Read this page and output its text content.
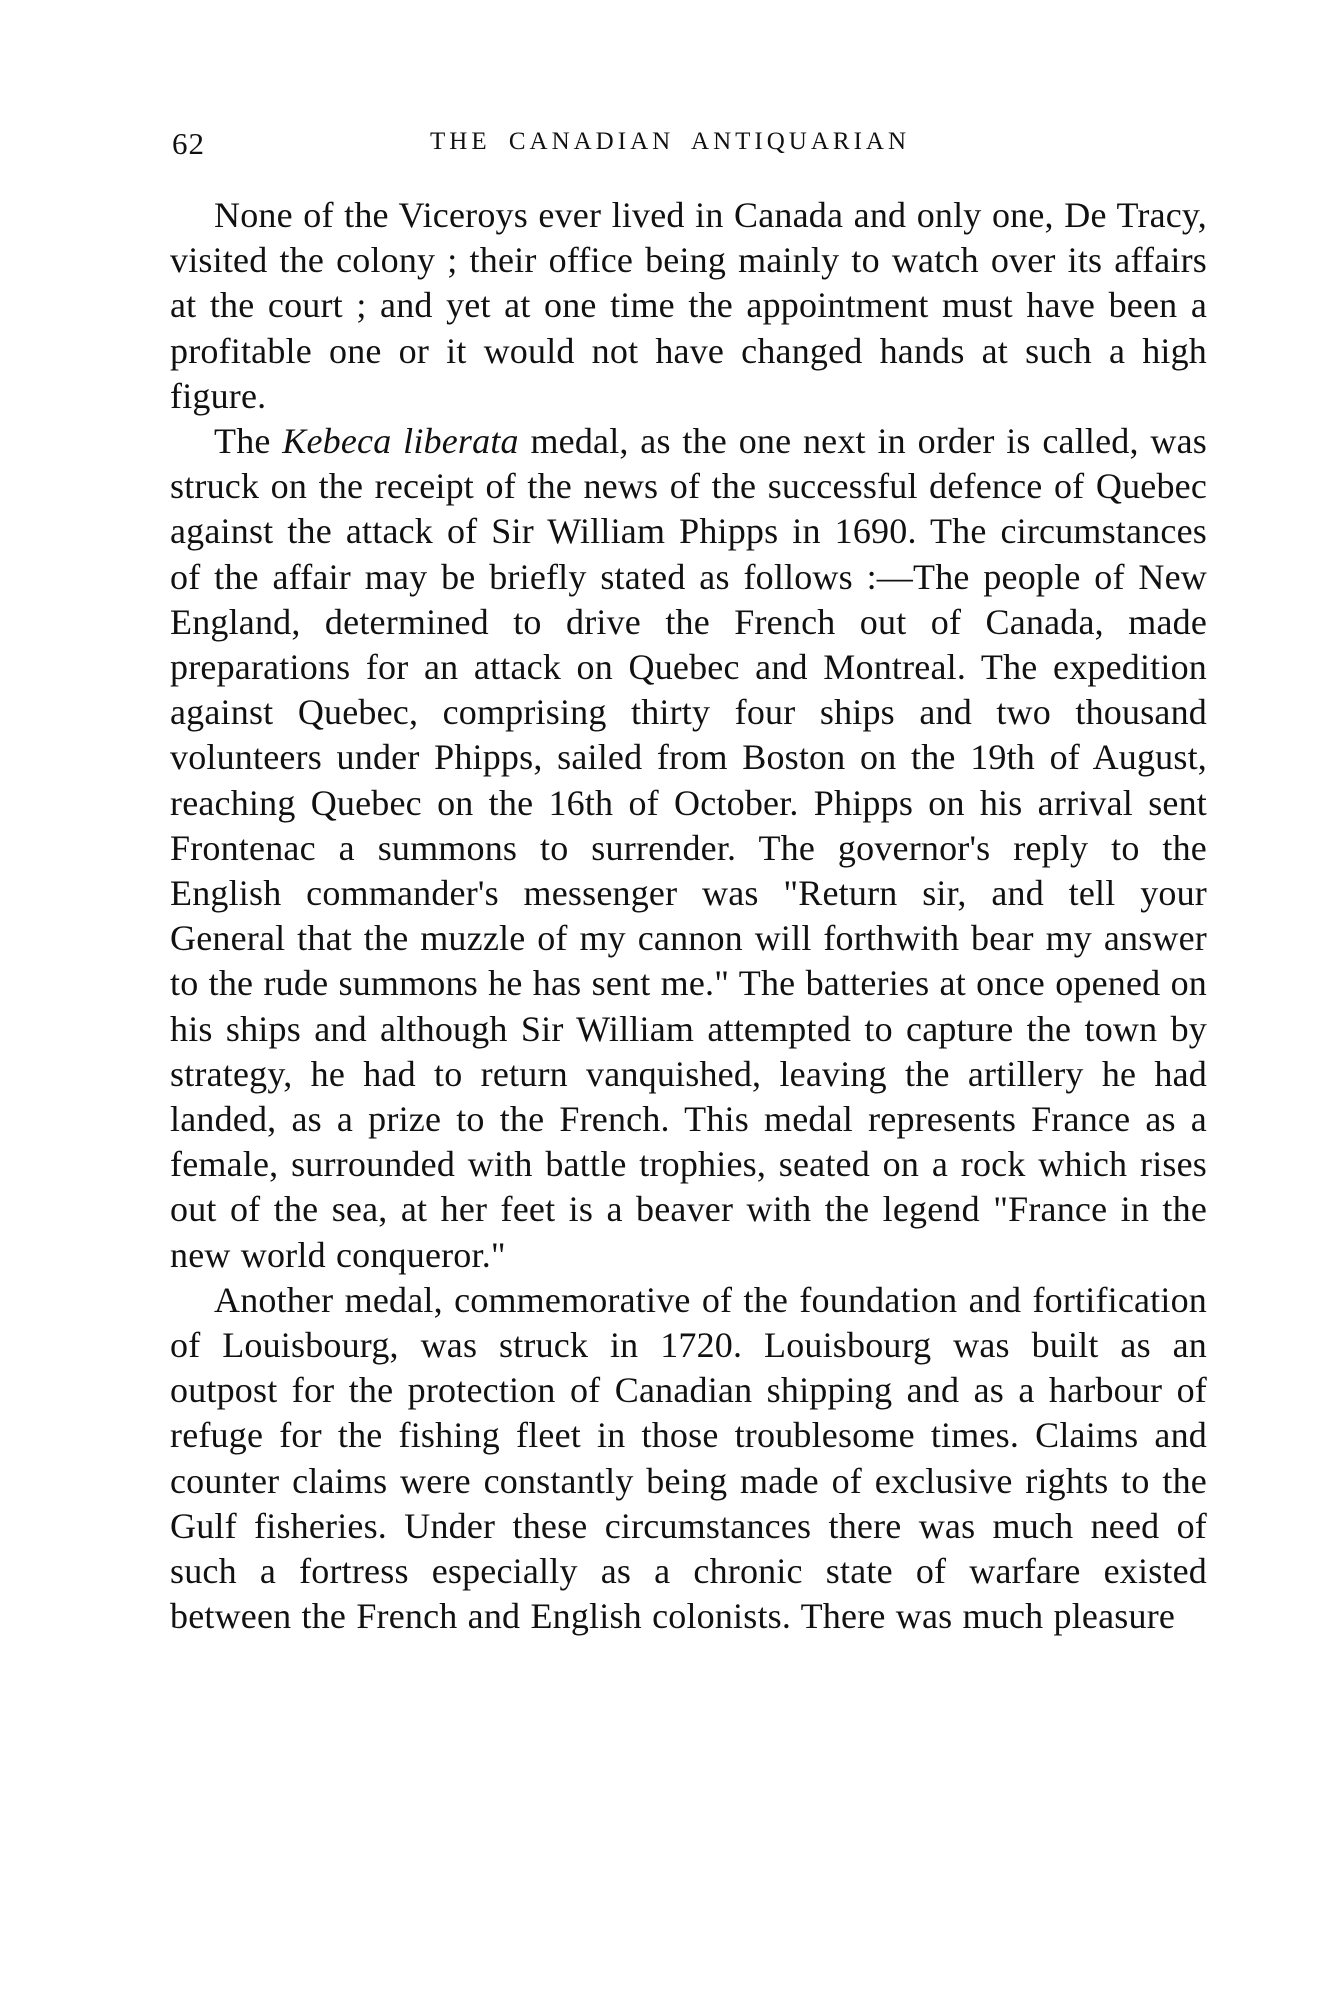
62	THE CANADIAN ANTIQUARIAN

None of the Viceroys ever lived in Canada and only one, De Tracy, visited the colony ; their office being mainly to watch over its affairs at the court ; and yet at one time the appointment must have been a profitable one or it would not have changed hands at such a high figure.

The Kebeca liberata medal, as the one next in order is called, was struck on the receipt of the news of the successful defence of Quebec against the attack of Sir William Phipps in 1690. The circumstances of the affair may be briefly stated as follows :—The people of New England, determined to drive the French out of Canada, made preparations for an attack on Quebec and Montreal. The expedition against Quebec, comprising thirty four ships and two thousand volunteers under Phipps, sailed from Boston on the 19th of August, reaching Quebec on the 16th of October. Phipps on his arrival sent Frontenac a summons to surrender. The governor's reply to the English commander's messenger was "Return sir, and tell your General that the muzzle of my cannon will forthwith bear my answer to the rude summons he has sent me." The batteries at once opened on his ships and although Sir William attempted to capture the town by strategy, he had to return vanquished, leaving the artillery he had landed, as a prize to the French. This medal represents France as a female, surrounded with battle trophies, seated on a rock which rises out of the sea, at her feet is a beaver with the legend "France in the new world conqueror."

Another medal, commemorative of the foundation and fortification of Louisbourg, was struck in 1720. Louisbourg was built as an outpost for the protection of Canadian shipping and as a harbour of refuge for the fishing fleet in those troublesome times. Claims and counter claims were constantly being made of exclusive rights to the Gulf fisheries. Under these circumstances there was much need of such a fortress especially as a chronic state of warfare existed between the French and English colonists. There was much pleasure
